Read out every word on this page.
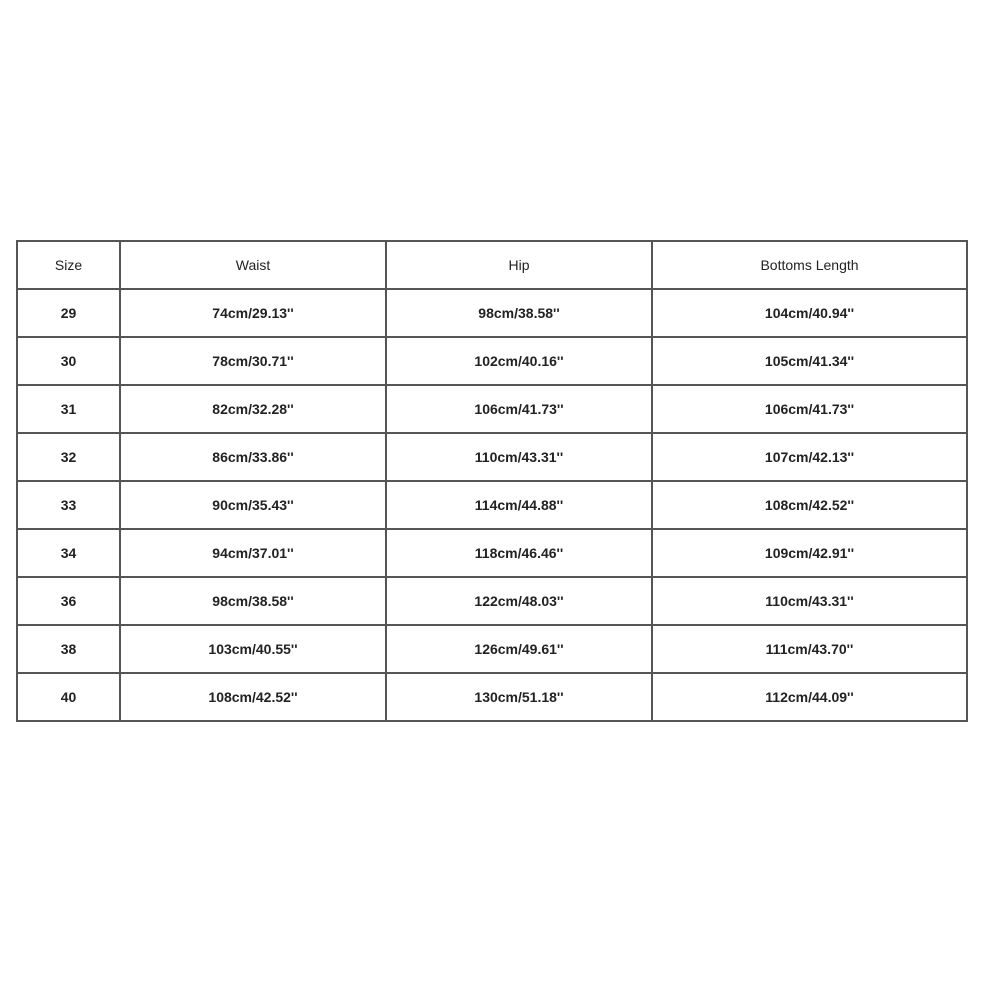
Size	Waist	Hip	Bottoms Length
29	74cm/29.13''	98cm/38.58''	104cm/40.94''
30	78cm/30.71''	102cm/40.16''	105cm/41.34''
31	82cm/32.28''	106cm/41.73''	106cm/41.73''
32	86cm/33.86''	110cm/43.31''	107cm/42.13''
33	90cm/35.43''	114cm/44.88''	108cm/42.52''
34	94cm/37.01''	118cm/46.46''	109cm/42.91''
36	98cm/38.58''	122cm/48.03''	110cm/43.31''
38	103cm/40.55''	126cm/49.61''	111cm/43.70''
40	108cm/42.52''	130cm/51.18''	112cm/44.09''
